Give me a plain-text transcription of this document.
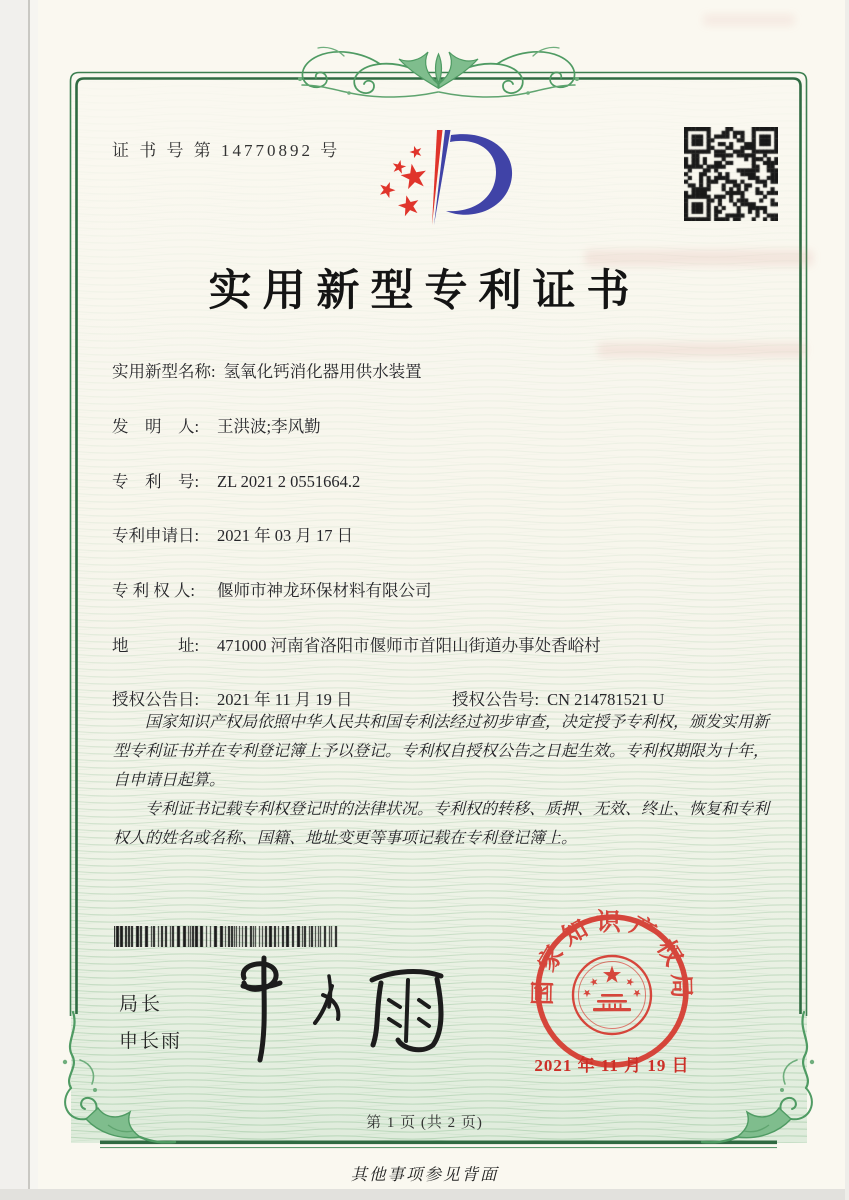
证 书 号 第 14770892 号
实用新型专利证书
实用新型名称: 氢氧化钙消化器用供水装置
发　明　人: 王洪波;李风勤
专　利　号: ZL 2021 2 0551664.2
专利申请日: 2021 年 03 月 17 日
专 利 权 人: 偃师市神龙环保材料有限公司
地　　　址: 471000 河南省洛阳市偃师市首阳山街道办事处香峪村
授权公告日: 2021 年 11 月 19 日	授权公告号: CN 214781521 U

国家知识产权局依照中华人民共和国专利法经过初步审查，决定授予专利权，颁发实用新型专利证书并在专利登记簿上予以登记。专利权自授权公告之日起生效。专利权期限为十年，自申请日起算。

专利证书记载专利权登记时的法律状况。专利权的转移、质押、无效、终止、恢复和专利权人的姓名或名称、国籍、地址变更等事项记载在专利登记簿上。

局长
申长雨
国家知识产权局
2021 年 11 月 19 日
第 1 页 (共 2 页)
其他事项参见背面
